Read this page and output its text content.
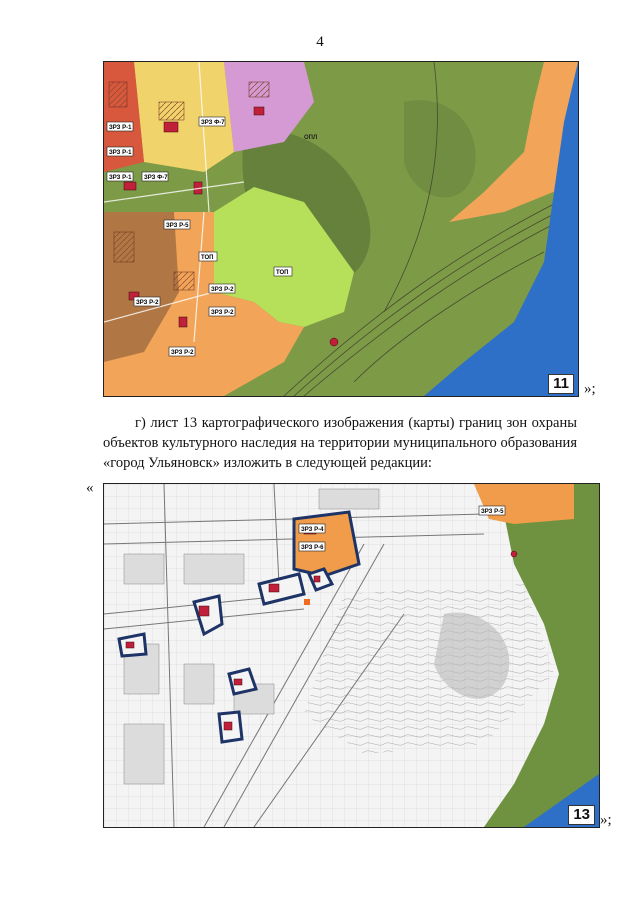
4
ТОП
ТОП
ОПЛ
ЗРЗ Р-5
ЗРЗ Р-2
ЗРЗ Р-2
ЗРЗ Р-2
ЗРЗ Р-2
ЗРЗ Ф-7
ЗРЗ Ф-7
ЗРЗ Р-1
ЗРЗ Р-1
ЗРЗ Р-1
11	»;
г) лист 13 картографического изображения (карты) границ зон охраны объектов культурного наследия на территории муниципального образования «город Ульяновск» изложить в следующей редакции:
«
ЗРЗ Р-4
ЗРЗ Р-6
ЗРЗ Р-5
13 »;
